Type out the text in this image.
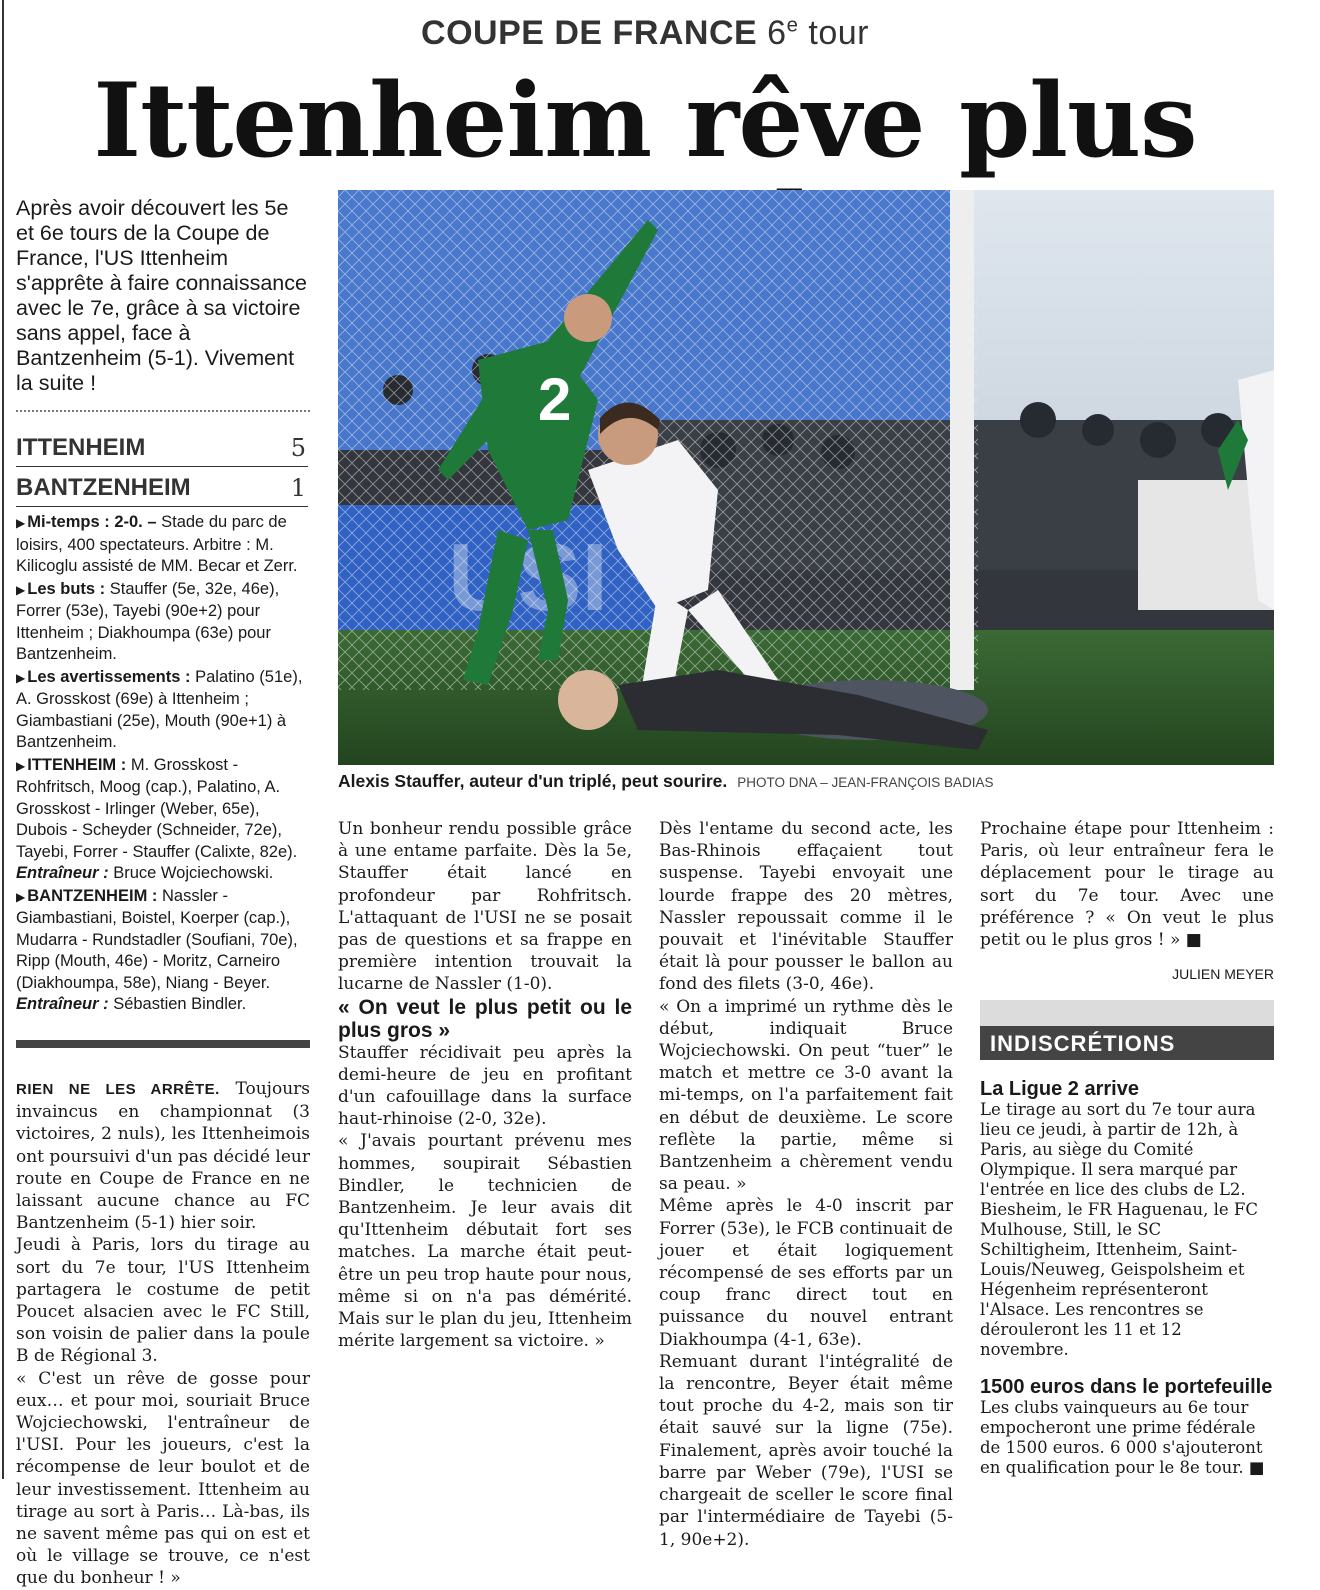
COUPE DE FRANCE 6e tour
Ittenheim rêve plus
Après avoir découvert les 5e et 6e tours de la Coupe de France, l'US Ittenheim s'apprête à faire connaissance avec le 7e, grâce à sa victoire sans appel, face à Bantzenheim (5-1). Vivement la suite !
ITTENHEIM	5
BANTZENHEIM	1

▶ Mi-temps : 2-0. – Stade du parc de loisirs, 400 spectateurs. Arbitre : M. Kilicoglu assisté de MM. Becar et Zerr.

▶ Les buts : Stauffer (5e, 32e, 46e), Forrer (53e), Tayebi (90e+2) pour Ittenheim ; Diakhoumpa (63e) pour Bantzenheim.

▶ Les avertissements : Palatino (51e), A. Grosskost (69e) à Ittenheim ; Giambastiani (25e), Mouth (90e+1) à Bantzenheim.

▶ ITTENHEIM : M. Grosskost - Rohfritsch, Moog (cap.), Palatino, A. Grosskost - Irlinger (Weber, 65e), Dubois - Scheyder (Schneider, 72e), Tayebi, Forrer - Stauffer (Calixte, 82e). Entraîneur : Bruce Wojciechowski.

▶ BANTZENHEIM : Nassler - Giambastiani, Boistel, Koerper (cap.), Mudarra - Rundstadler (Soufiani, 70e), Ripp (Mouth, 46e) - Moritz, Carneiro (Diakhoumpa, 58e), Niang - Beyer. Entraîneur : Sébastien Bindler.

RIEN NE LES ARRÊTE. Toujours invaincus en championnat (3 victoires, 2 nuls), les Ittenheimois ont poursuivi d'un pas décidé leur route en Coupe de France en ne laissant aucune chance au FC Bantzenheim (5-1) hier soir.

Jeudi à Paris, lors du tirage au sort du 7e tour, l'US Ittenheim partagera le costume de petit Poucet alsacien avec le FC Still, son voisin de palier dans la poule B de Régional 3.

« C'est un rêve de gosse pour eux… et pour moi, souriait Bruce Wojciechowski, l'entraîneur de l'USI. Pour les joueurs, c'est la récompense de leur boulot et de leur investissement. Ittenheim au tirage au sort à Paris… Là-bas, ils ne savent même pas qui on est et où le village se trouve, ce n'est que du bonheur ! »

2
Alexis Stauffer, auteur d'un triplé, peut sourire. PHOTO DNA – JEAN-FRANÇOIS BADIAS

Un bonheur rendu possible grâce à une entame parfaite. Dès la 5e, Stauffer était lancé en profondeur par Rohfritsch. L'attaquant de l'USI ne se posait pas de questions et sa frappe en première intention trouvait la lucarne de Nassler (1-0).

« On veut le plus petit ou le plus gros »

Stauffer récidivait peu après la demi-heure de jeu en profitant d'un cafouillage dans la surface haut-rhinoise (2-0, 32e).

« J'avais pourtant prévenu mes hommes, soupirait Sébastien Bindler, le technicien de Bantzenheim. Je leur avais dit qu'Ittenheim débutait fort ses matches. La marche était peut-être un peu trop haute pour nous, même si on n'a pas démérité. Mais sur le plan du jeu, Ittenheim mérite largement sa victoire. »

Dès l'entame du second acte, les Bas-Rhinois effaçaient tout suspense. Tayebi envoyait une lourde frappe des 20 mètres, Nassler repoussait comme il le pouvait et l'inévitable Stauffer était là pour pousser le ballon au fond des filets (3-0, 46e).

« On a imprimé un rythme dès le début, indiquait Bruce Wojciechowski. On peut “tuer” le match et mettre ce 3-0 avant la mi-temps, on l'a parfaitement fait en début de deuxième. Le score reflète la partie, même si Bantzenheim a chèrement vendu sa peau. »

Même après le 4-0 inscrit par Forrer (53e), le FCB continuait de jouer et était logiquement récompensé de ses efforts par un coup franc direct tout en puissance du nouvel entrant Diakhoumpa (4-1, 63e).

Remuant durant l'intégralité de la rencontre, Beyer était même tout proche du 4-2, mais son tir était sauvé sur la ligne (75e). Finalement, après avoir touché la barre par Weber (79e), l'USI se chargeait de sceller le score final par l'intermédiaire de Tayebi (5-1, 90e+2).

Prochaine étape pour Ittenheim : Paris, où leur entraîneur fera le déplacement pour le tirage au sort du 7e tour. Avec une préférence ? « On veut le plus petit ou le plus gros ! » ■

JULIEN MEYER
INDISCRÉTIONS

La Ligue 2 arrive

Le tirage au sort du 7e tour aura lieu ce jeudi, à partir de 12h, à Paris, au siège du Comité Olympique. Il sera marqué par l'entrée en lice des clubs de L2. Biesheim, le FR Haguenau, le FC Mulhouse, Still, le SC Schiltigheim, Ittenheim, Saint-Louis/Neuweg, Geispolsheim et Hégenheim représenteront l'Alsace. Les rencontres se dérouleront les 11 et 12 novembre.

1500 euros dans le portefeuille

Les clubs vainqueurs au 6e tour empocheront une prime fédérale de 1500 euros. 6 000 s'ajouteront en qualification pour le 8e tour. ■
